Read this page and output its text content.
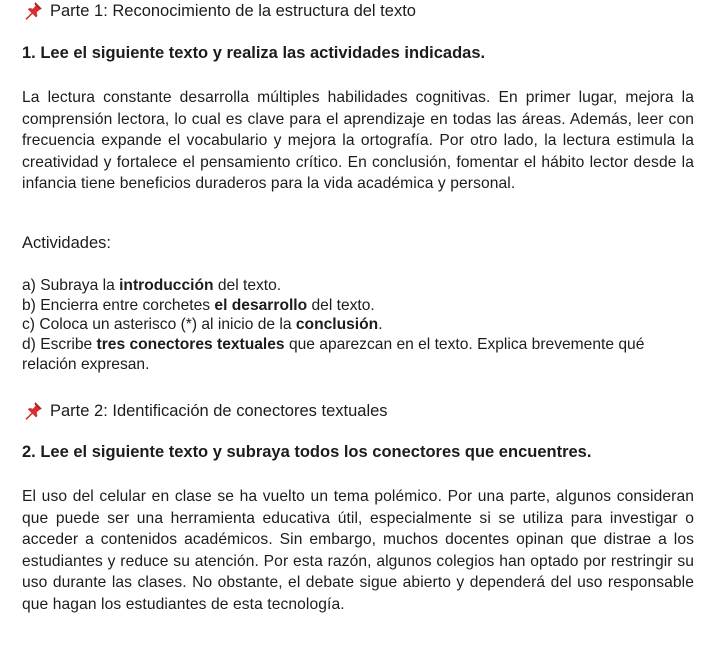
Parte 1: Reconocimiento de la estructura del texto
1. Lee el siguiente texto y realiza las actividades indicadas.

La lectura constante desarrolla múltiples habilidades cognitivas. En primer lugar, mejora la comprensión lectora, lo cual es clave para el aprendizaje en todas las áreas. Además, leer con frecuencia expande el vocabulario y mejora la ortografía. Por otro lado, la lectura estimula la creatividad y fortalece el pensamiento crítico. En conclusión, fomentar el hábito lector desde la infancia tiene beneficios duraderos para la vida académica y personal.

Actividades:
a) Subraya la introducción del texto.
b) Encierra entre corchetes el desarrollo del texto.
c) Coloca un asterisco (*) al inicio de la conclusión.
d) Escribe tres conectores textuales que aparezcan en el texto. Explica brevemente qué relación expresan.
Parte 2: Identificación de conectores textuales
2. Lee el siguiente texto y subraya todos los conectores que encuentres.

El uso del celular en clase se ha vuelto un tema polémico. Por una parte, algunos consideran que puede ser una herramienta educativa útil, especialmente si se utiliza para investigar o acceder a contenidos académicos. Sin embargo, muchos docentes opinan que distrae a los estudiantes y reduce su atención. Por esta razón, algunos colegios han optado por restringir su uso durante las clases. No obstante, el debate sigue abierto y dependerá del uso responsable que hagan los estudiantes de esta tecnología.
